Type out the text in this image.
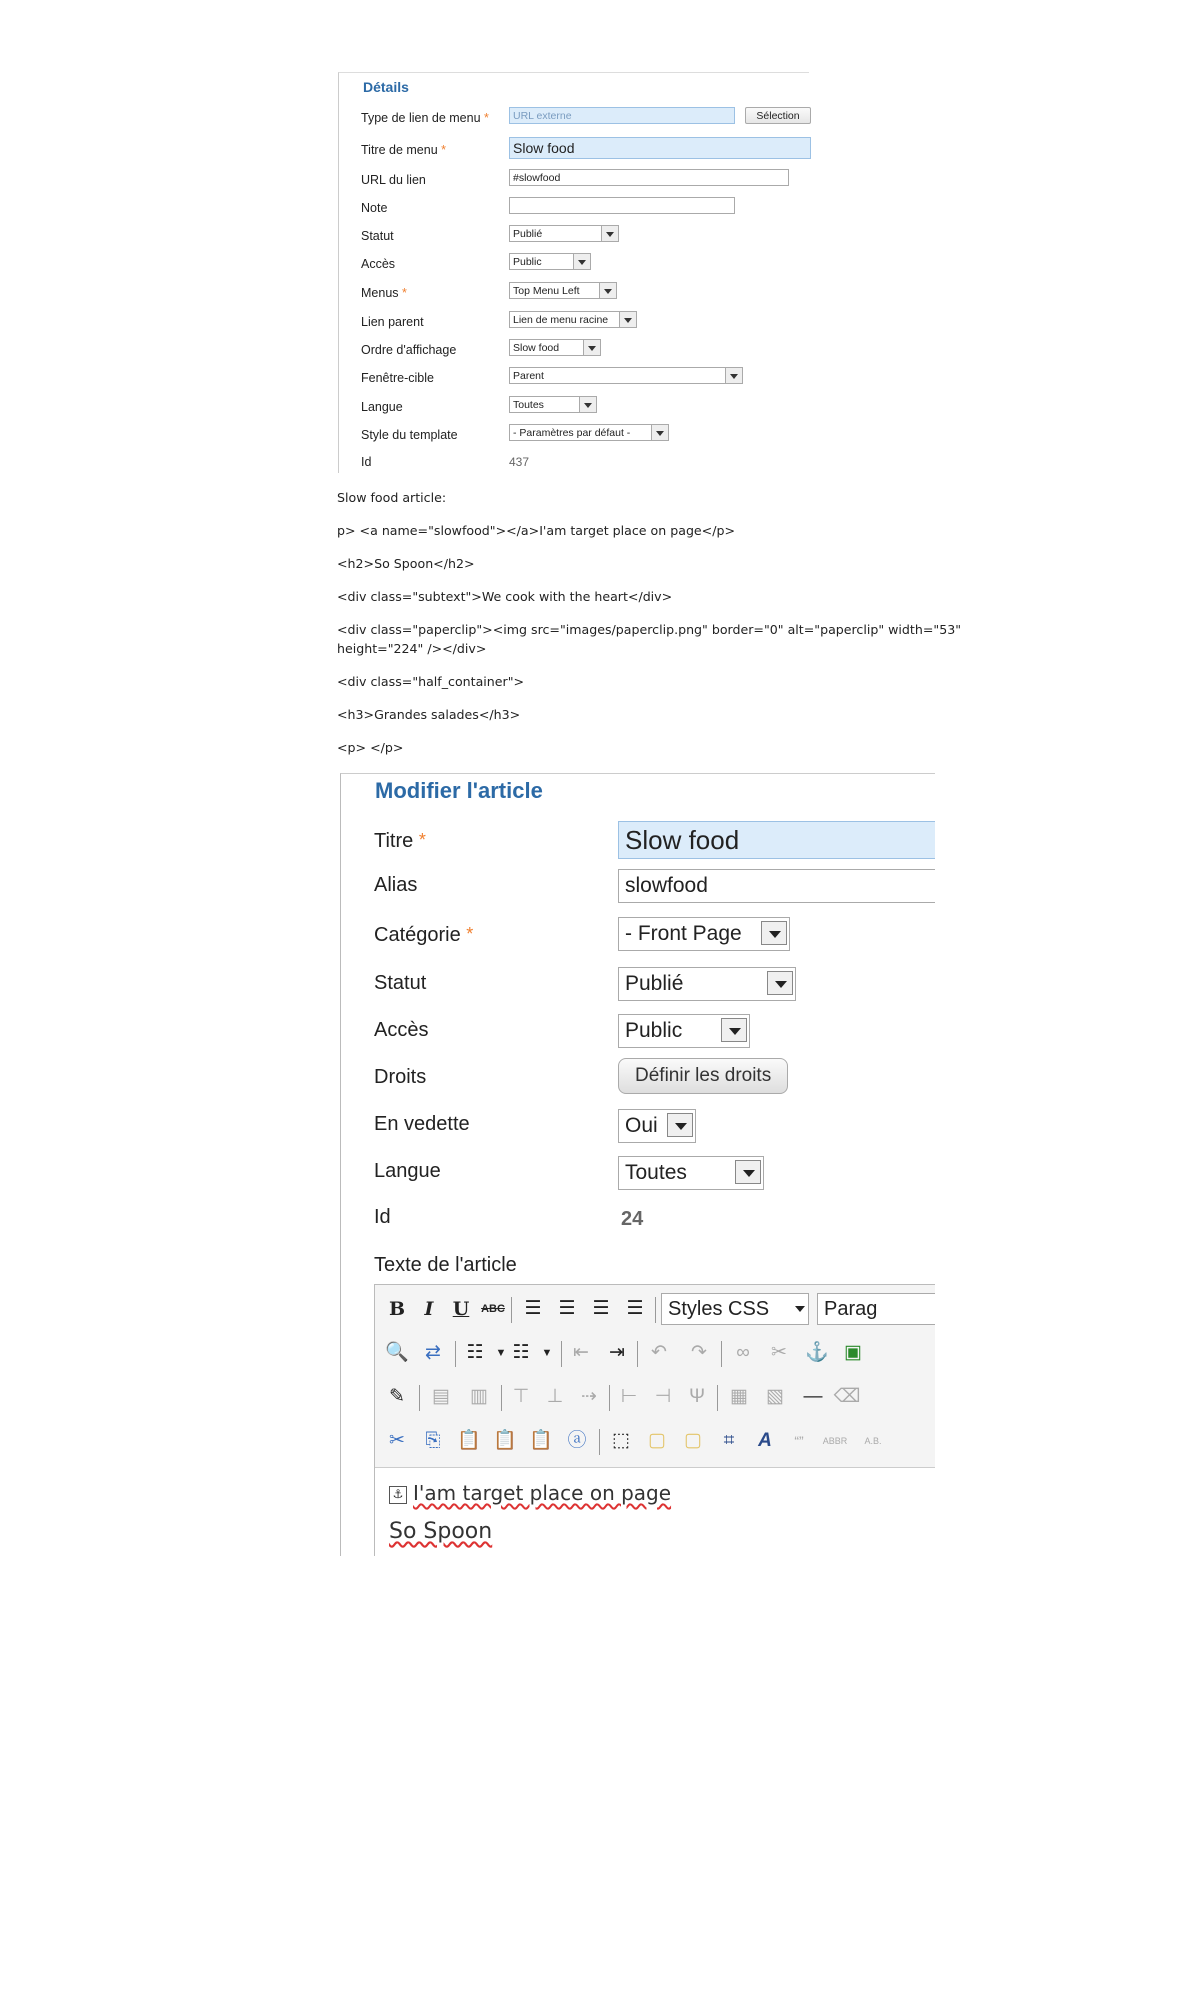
Détails
Type de lien de menu *	URL externe	Sélection
Titre de menu *	Slow food
URL du lien	#slowfood
Note
Statut	Publié
Accès	Public
Menus *	Top Menu Left
Lien parent	Lien de menu racine
Ordre d'affichage	Slow food
Fenêtre-cible	Parent
Langue	Toutes
Style du template	- Paramètres par défaut -
Id	437
Slow food article:
p> <a name="slowfood"></a>I'am target place on page</p>
<h2>So Spoon</h2>
<div class="subtext">We cook with the heart</div>
<div class="paperclip"><img src="images/paperclip.png" border="0" alt="paperclip" width="53"
height="224" /></div>
<div class="half_container">
<h3>Grandes salades</h3>
<p> </p>
Modifier l'article
Titre *	Slow food
Alias	slowfood
Catégorie *	- Front Page
Statut	Publié
Accès	Public
Droits	Définir les droits
En vedette	Oui
Langue	Toutes
Id	24
Texte de l'article
B	I	U	ABC ☰ ☰ ☰ ☰	Styles CSS	Parag
🔍 ⇄	☷	▼ ☷	▼	⇤	⇥	↶	↷	∞	✂ ⚓ ▣
✎	▤ ▥	⊤ ⊥ ⇢	⊢ ⊣ Ψ	▦ ▧ — ⌫
✂	⎘ 📋 📋 📋 ⓐ ⬚ ▢ ▢	⌗	A	“”	ABBR	A.B.
⚓ I'am target place on page
So Spoon
